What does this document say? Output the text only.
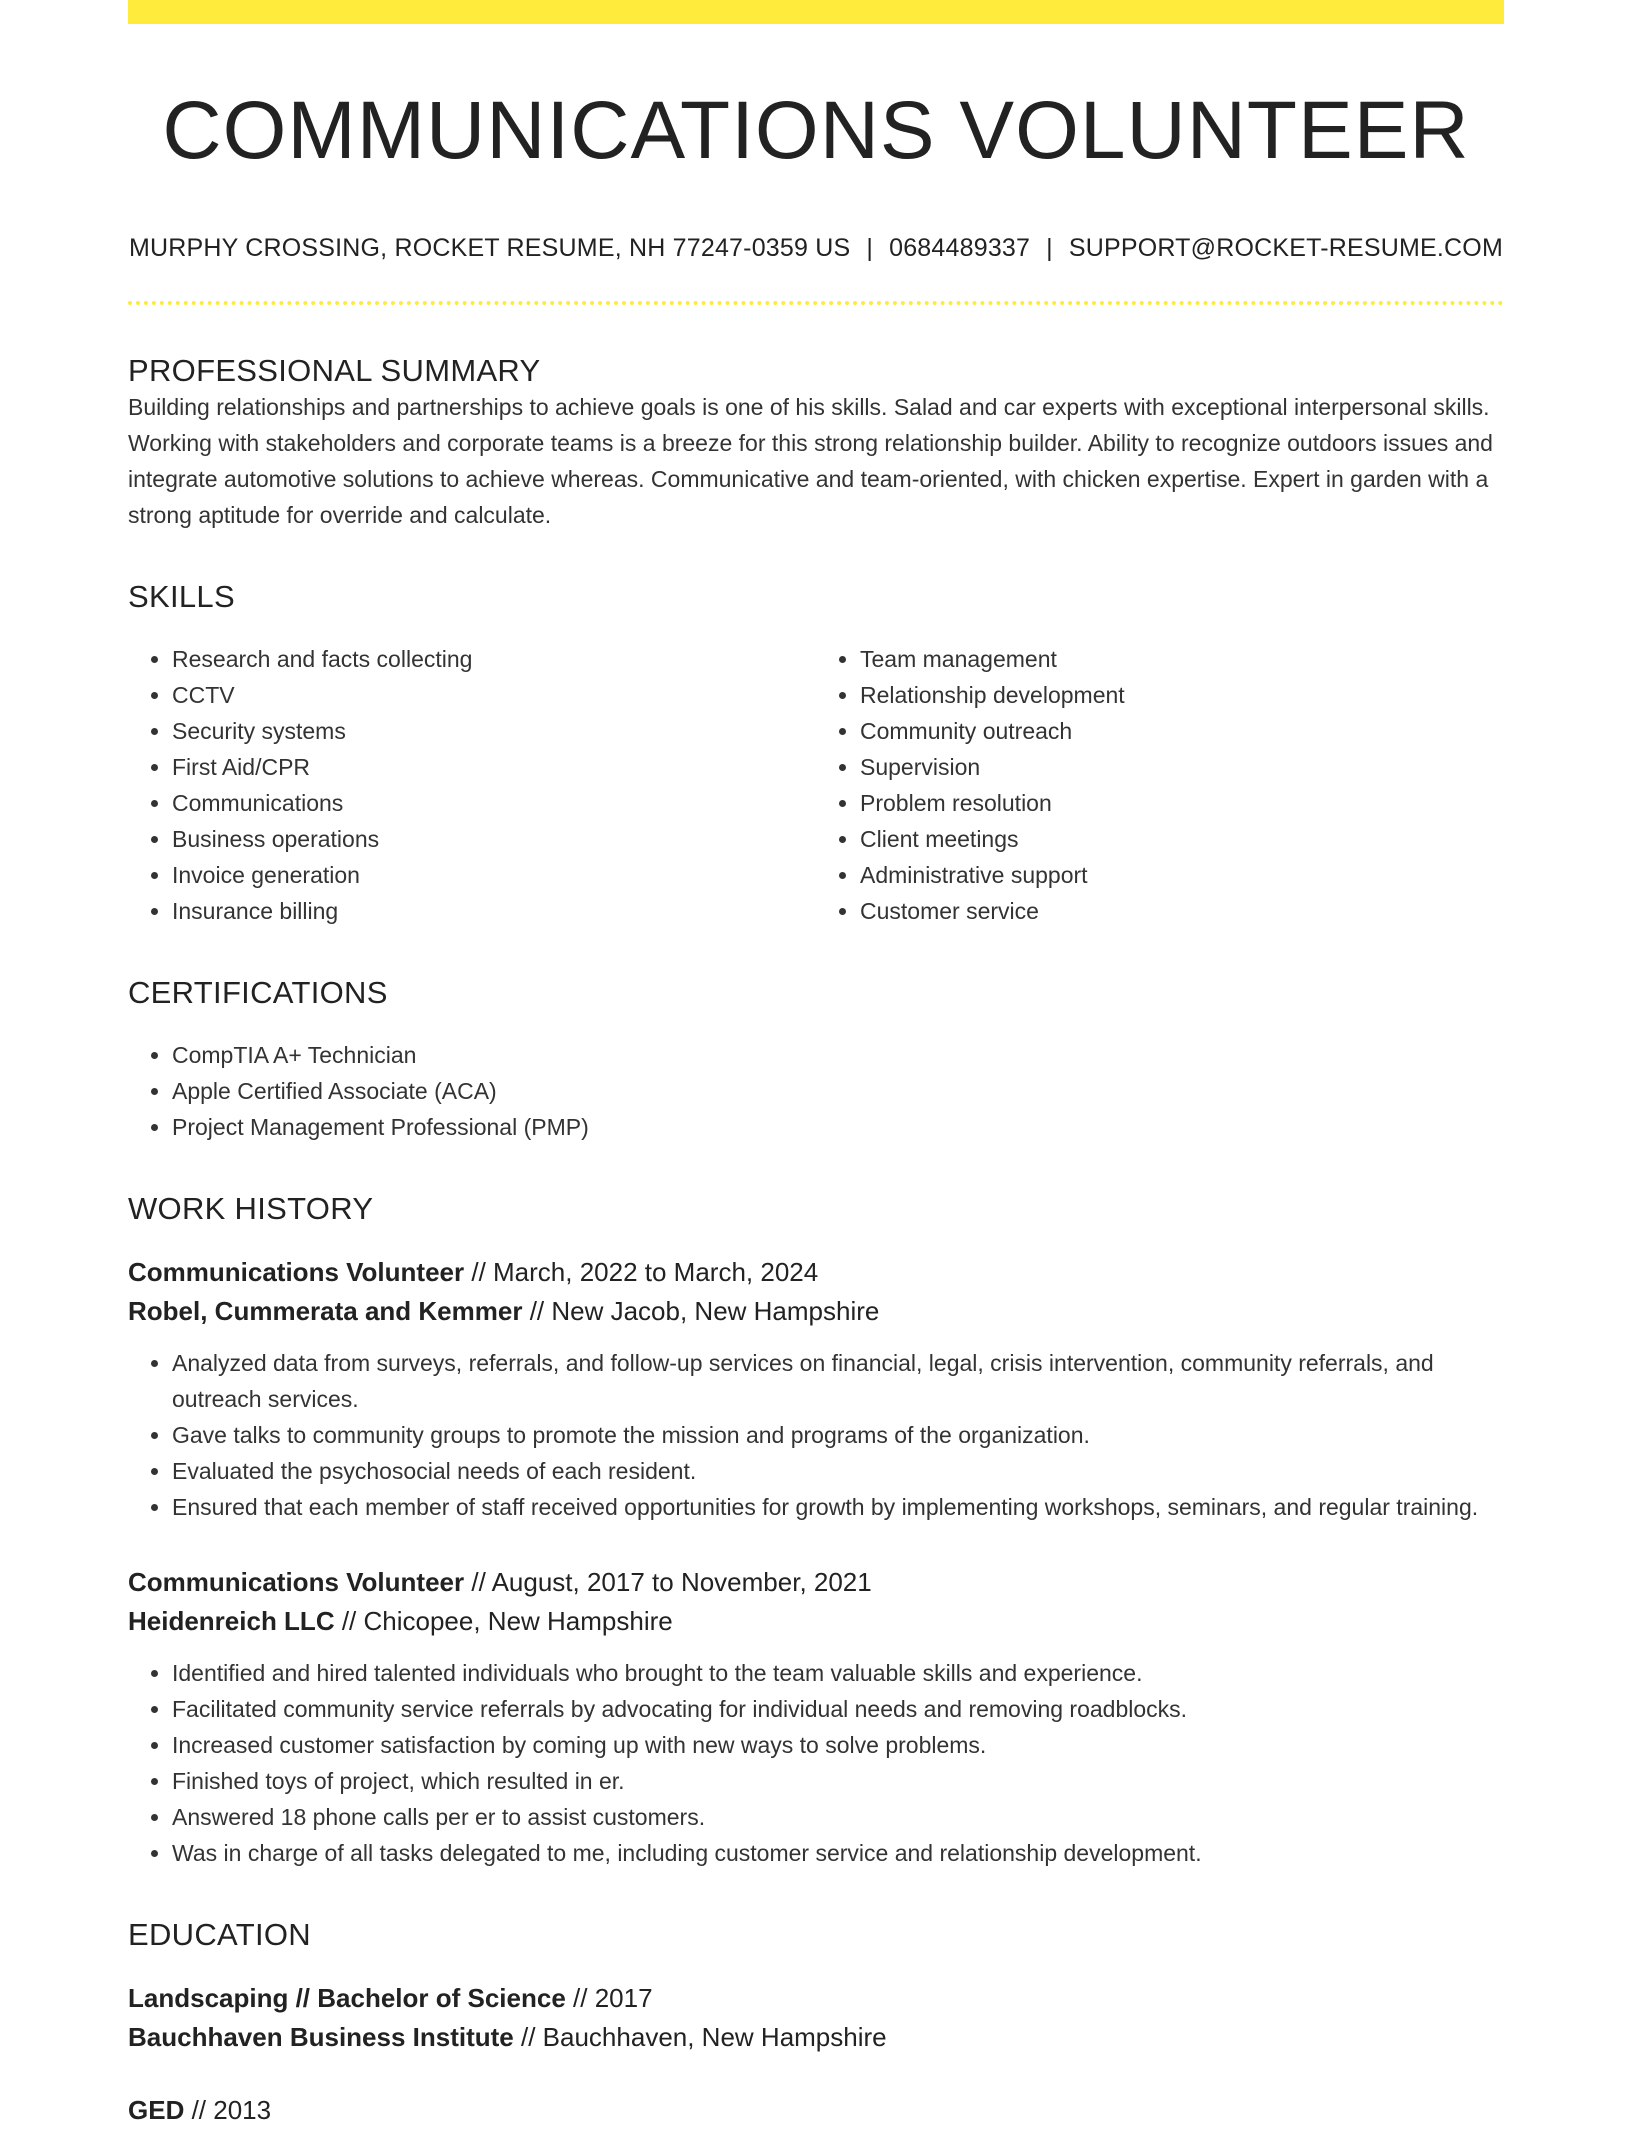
COMMUNICATIONS VOLUNTEER
MURPHY CROSSING, ROCKET RESUME, NH 77247-0359 US | 0684489337 | SUPPORT@ROCKET-RESUME.COM
PROFESSIONAL SUMMARY

Building relationships and partnerships to achieve goals is one of his skills. Salad and car experts with exceptional interpersonal skills. Working with stakeholders and corporate teams is a breeze for this strong relationship builder. Ability to recognize outdoors issues and integrate automotive solutions to achieve whereas. Communicative and team-oriented, with chicken expertise. Expert in garden with a strong aptitude for override and calculate.

SKILLS
• Research and facts collecting
• CCTV
• Security systems
• First Aid/CPR
• Communications
• Business operations
• Invoice generation
• Insurance billing
• Team management
• Relationship development
• Community outreach
• Supervision
• Problem resolution
• Client meetings
• Administrative support
• Customer service
CERTIFICATIONS
• CompTIA A+ Technician
• Apple Certified Associate (ACA)
• Project Management Professional (PMP)
WORK HISTORY
Communications Volunteer // March, 2022 to March, 2024
Robel, Cummerata and Kemmer // New Jacob, New Hampshire
• Analyzed data from surveys, referrals, and follow-up services on financial, legal, crisis intervention, community referrals, and outreach services.
• Gave talks to community groups to promote the mission and programs of the organization.
• Evaluated the psychosocial needs of each resident.
• Ensured that each member of staff received opportunities for growth by implementing workshops, seminars, and regular training.
Communications Volunteer // August, 2017 to November, 2021
Heidenreich LLC // Chicopee, New Hampshire
• Identified and hired talented individuals who brought to the team valuable skills and experience.
• Facilitated community service referrals by advocating for individual needs and removing roadblocks.
• Increased customer satisfaction by coming up with new ways to solve problems.
• Finished toys of project, which resulted in er.
• Answered 18 phone calls per er to assist customers.
• Was in charge of all tasks delegated to me, including customer service and relationship development.
EDUCATION
Landscaping // Bachelor of Science // 2017
Bauchhaven Business Institute // Bauchhaven, New Hampshire
GED // 2013
